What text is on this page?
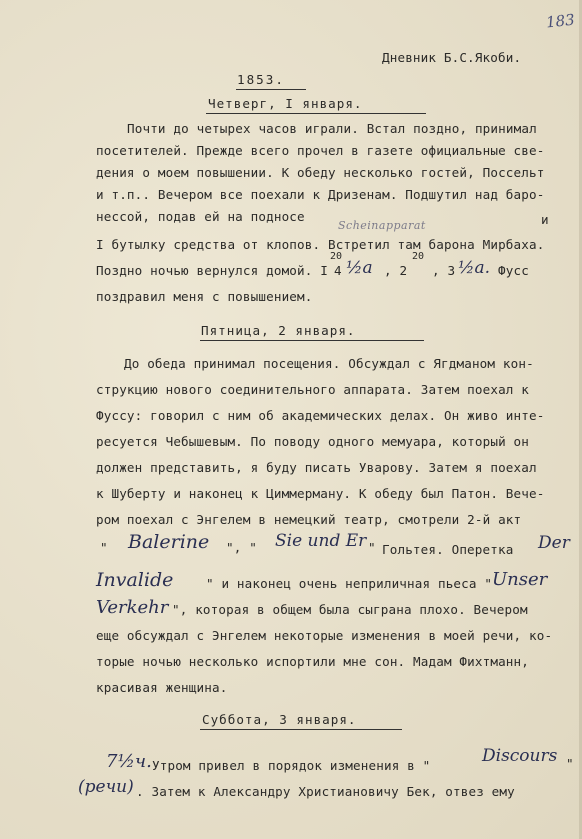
183
Дневник Б.С.Якоби.
1853.
Четверг, I января.
Почти до четырех часов играли. Встал поздно, принимал
посетителей. Прежде всего прочел в газете официальные све-
дения о моем повышении. К обеду несколько гостей, Поссельт
и т.п.. Вечером все поехали к Дризенам. Подшутил над баро-
нессой, подав ей на подносе
Scheinapparat	и
I бутылку средства от клопов. Встретил там барона Мирбаха.
Поздно ночью вернулся домой. I
20
4 ½a , 2
20
, 3 ½a. Фусс
поздравил меня с повышением.
Пятница, 2 января.
До обеда принимал посещения. Обсуждал с Ягдманом кон-
струкцию нового соединительного аппарата. Затем поехал к
Фуссу: говорил с ним об академических делах. Он живо инте-
ресуется Чебышевым. По поводу одного мемуара, который он
должен представить, я буду писать Уварову. Затем я поехал
к Шуберту и наконец к Циммерману. К обеду был Патон. Вече-
ром поехал с Энгелем в немецкий театр, смотрели 2-й акт
" Balerine ", " Sie und Er " Гольтея. Оперетка Der
Invalide	" и наконец очень неприличная пьеса " Unser
Verkehr ", которая в общем была сыграна плохо. Вечером
еще обсуждал с Энгелем некоторые изменения в моей речи, ко-
торые ночью несколько испортили мне сон. Мадам Фихтманн,
красивая женщина.
Суббота, 3 января.
7½ч. Утром привел в порядок изменения в "	Discours "
(речи) . Затем к Александру Христиановичу Бек, отвез ему
